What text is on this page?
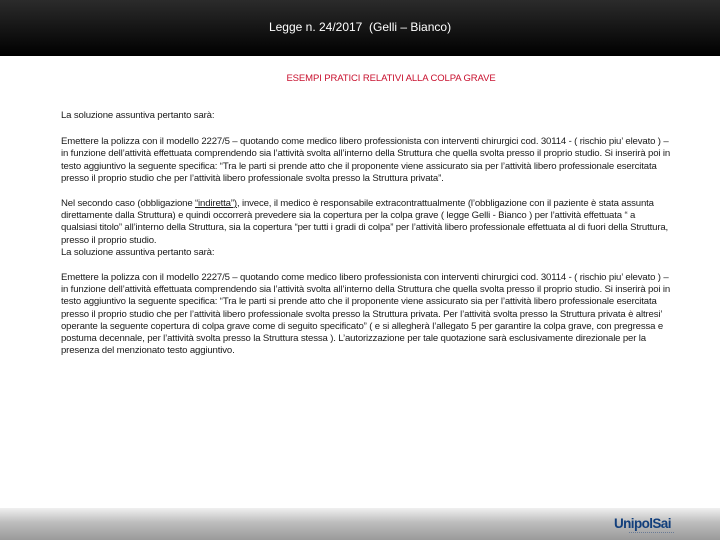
Legge n. 24/2017  (Gelli – Bianco)
ESEMPI PRATICI RELATIVI ALLA COLPA GRAVE

La soluzione assuntiva pertanto sarà:

Emettere la polizza con il modello 2227/5 – quotando come medico libero professionista con interventi chirurgici cod. 30114 - ( rischio piu’ elevato ) – in funzione dell’attività effettuata comprendendo sia l’attività svolta all’interno della Struttura che quella svolta presso il proprio studio. Si inserirà poi in testo aggiuntivo la seguente specifica: “Tra le parti si prende atto che il proponente viene assicurato sia per l’attività libero professionale esercitata presso il proprio studio che per l’attività libero professionale svolta presso la Struttura privata”.

Nel secondo caso (obbligazione “indiretta”), invece, il medico è responsabile extracontrattualmente (l’obbligazione con il paziente è stata assunta direttamente dalla Struttura) e quindi occorrerà prevedere sia la copertura per la colpa grave ( legge Gelli - Bianco ) per l’attività effettuata “ a qualsiasi titolo” all’interno della Struttura, sia la copertura “per tutti i gradi di colpa” per l’attività libero professionale effettuata al di fuori della Struttura, presso il proprio studio.

La soluzione assuntiva pertanto sarà:

Emettere la polizza con il modello 2227/5 – quotando come medico libero professionista con interventi chirurgici cod. 30114 - ( rischio piu’ elevato ) – in funzione dell’attività effettuata comprendendo sia l’attività svolta all’interno della Struttura che quella svolta presso il proprio studio. Si inserirà poi in testo aggiuntivo la seguente specifica: “Tra le parti si prende atto che il proponente viene assicurato sia per l’attività libero professionale esercitata presso il proprio studio che per l’attività libero professionale svolta presso la Struttura privata. Per l’attività svolta presso la Struttura privata è altresi’ operante la seguente copertura di colpa grave come di seguito specificato” ( e si allegherà l’allegato 5 per garantire la colpa grave, con pregressa e postuma decennale, per l’attività svolta presso la Struttura stessa ). L’autorizzazione per tale quotazione sarà esclusivamente direzionale per la presenza del menzionato testo aggiuntivo.

UnipolSai
